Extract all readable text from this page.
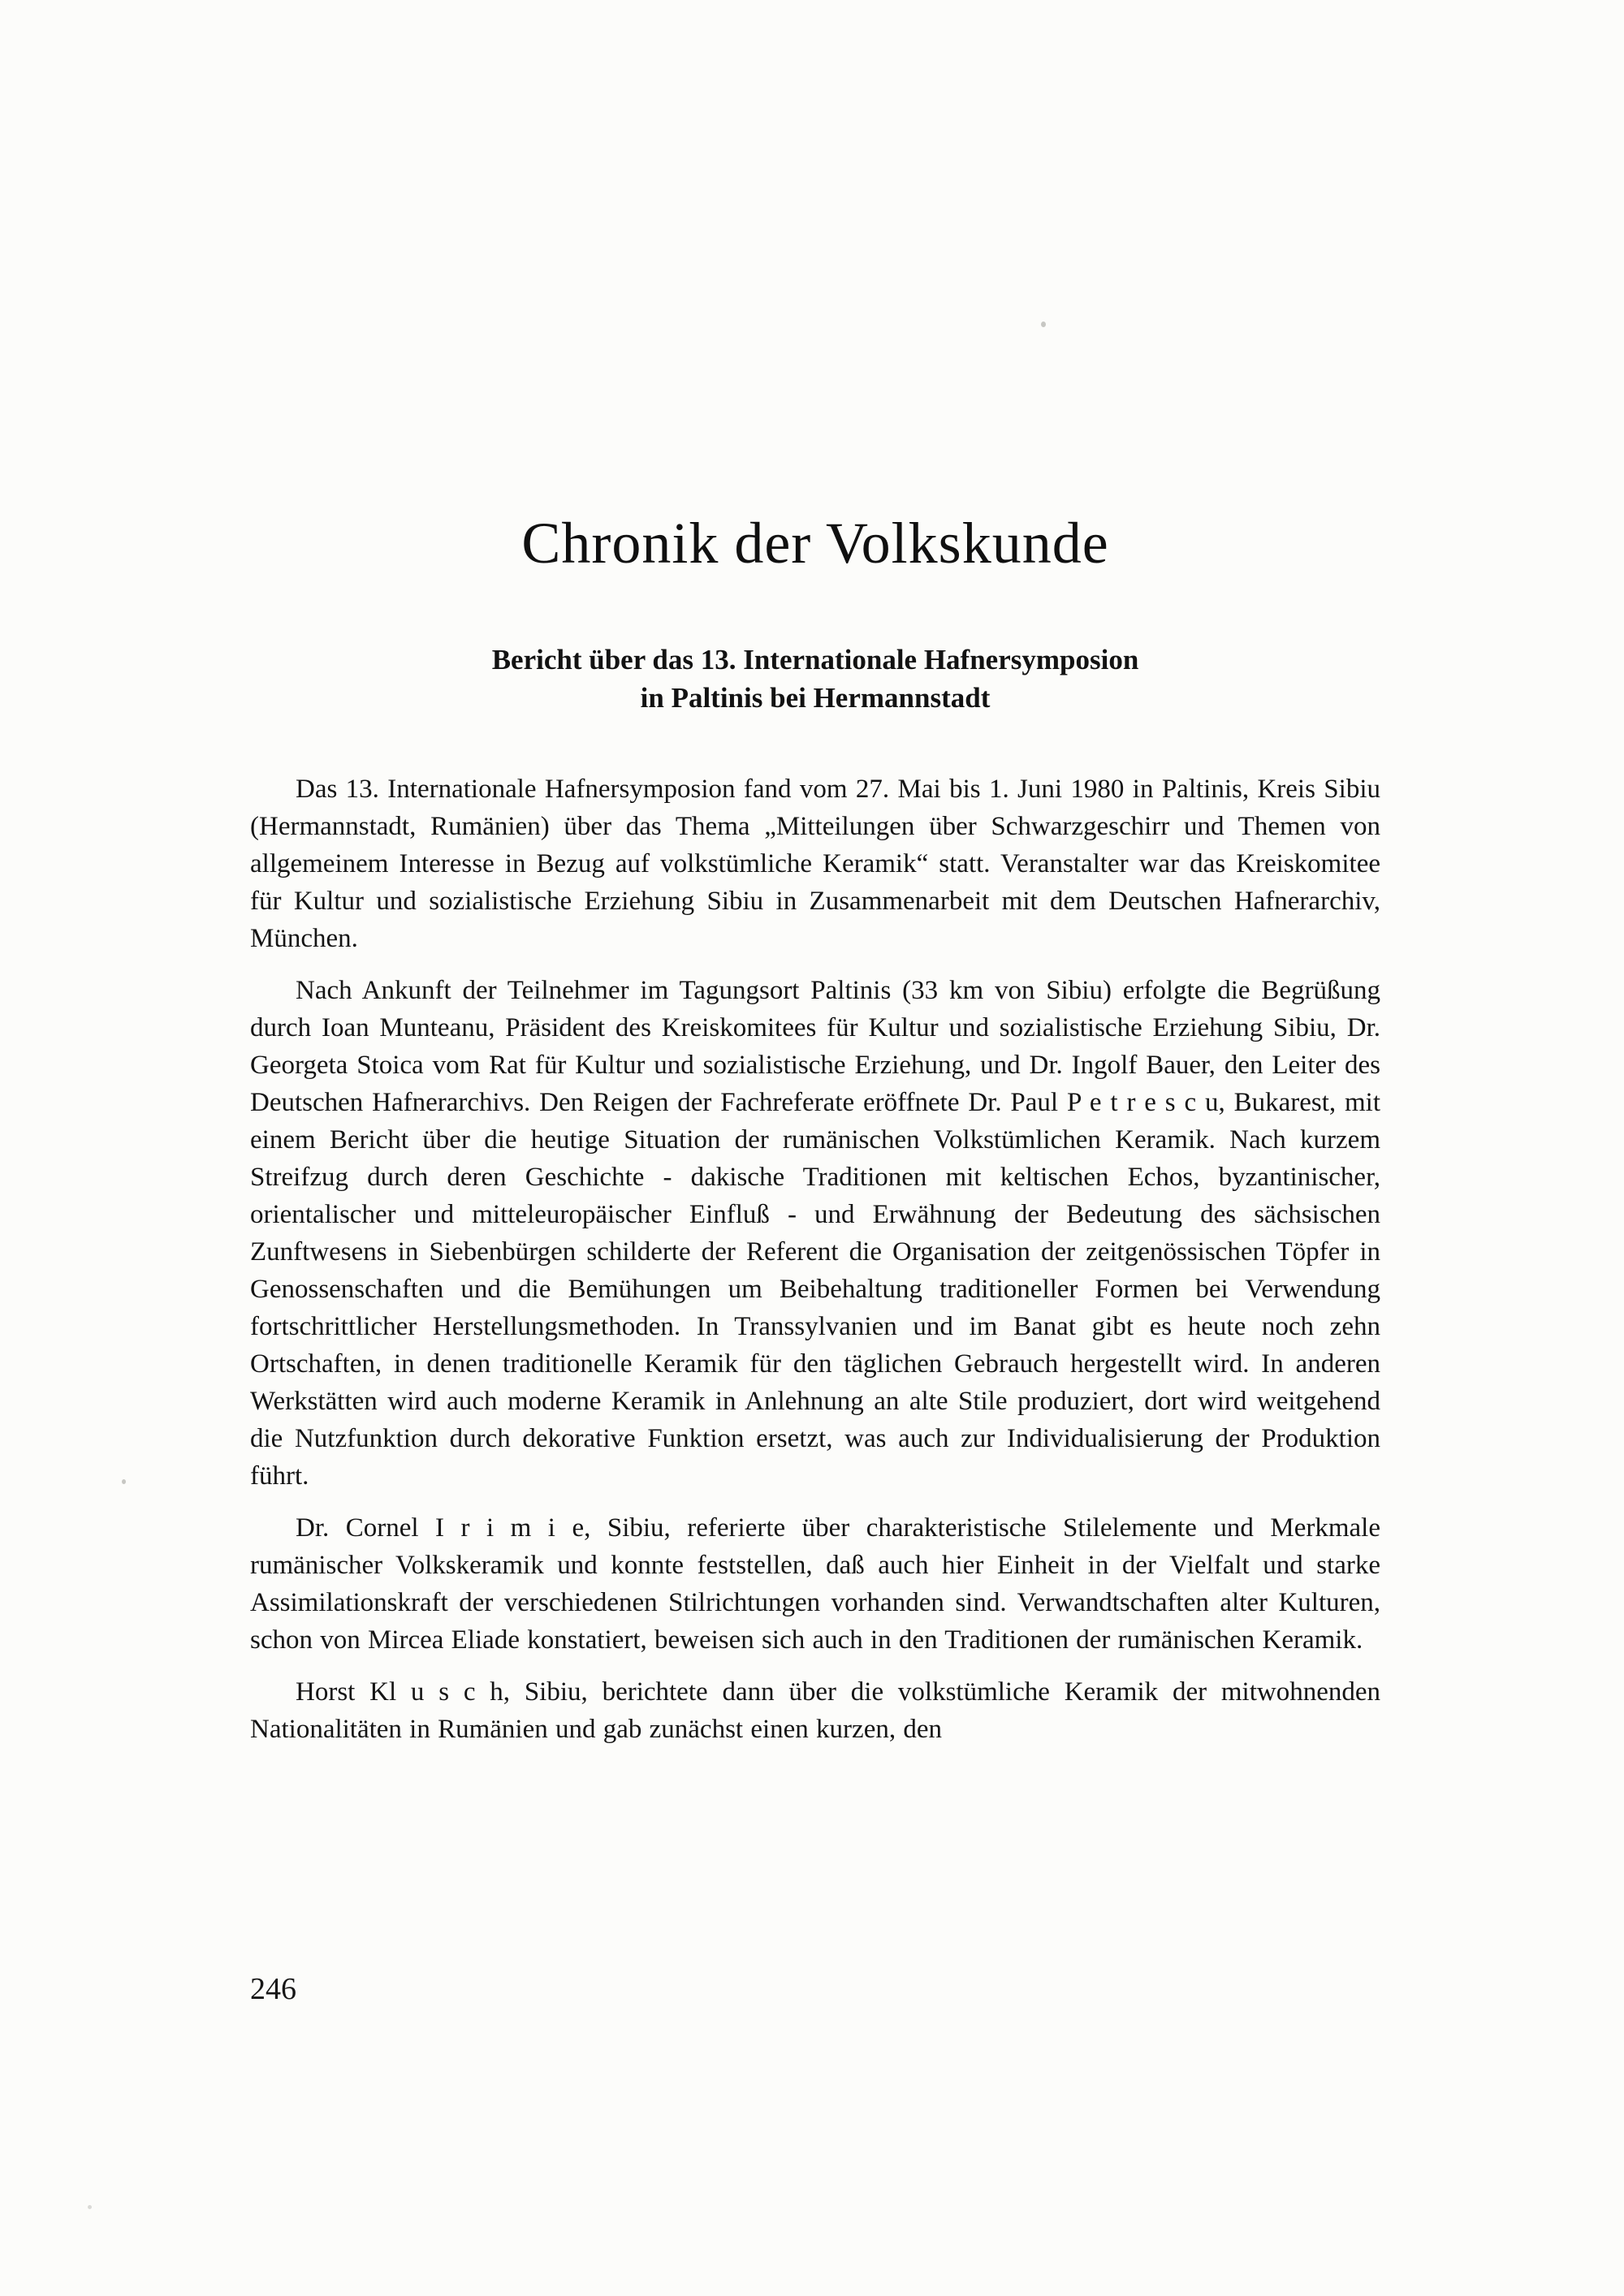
Chronik der Volkskunde
Bericht über das 13. Internationale Hafnersymposion
in Paltinis bei Hermannstadt

Das 13. Internationale Hafnersymposion fand vom 27. Mai bis 1. Juni 1980 in Paltinis, Kreis Sibiu (Hermannstadt, Rumänien) über das Thema „Mitteilungen über Schwarzgeschirr und Themen von allgemeinem Interesse in Bezug auf volkstümliche Keramik“ statt. Veranstalter war das Kreiskomitee für Kultur und sozialistische Erziehung Sibiu in Zusammenarbeit mit dem Deutschen Hafnerarchiv, München.

Nach Ankunft der Teilnehmer im Tagungsort Paltinis (33 km von Sibiu) erfolgte die Begrüßung durch Ioan Munteanu, Präsident des Kreiskomitees für Kultur und sozialistische Erziehung Sibiu, Dr. Georgeta Stoica vom Rat für Kultur und sozialistische Erziehung, und Dr. Ingolf Bauer, den Leiter des Deutschen Hafnerarchivs. Den Reigen der Fachreferate eröffnete Dr. Paul P e t r e s c u, Bukarest, mit einem Bericht über die heutige Situation der rumänischen Volkstümlichen Keramik. Nach kurzem Streifzug durch deren Geschichte - dakische Traditionen mit keltischen Echos, byzantinischer, orientalischer und mitteleuropäischer Einfluß - und Erwähnung der Bedeutung des sächsischen Zunftwesens in Siebenbürgen schilderte der Referent die Organisation der zeitgenössischen Töpfer in Genossenschaften und die Bemühungen um Beibehaltung traditioneller Formen bei Verwendung fortschrittlicher Herstellungsmethoden. In Transsylvanien und im Banat gibt es heute noch zehn Ortschaften, in denen traditionelle Keramik für den täglichen Gebrauch hergestellt wird. In anderen Werkstätten wird auch moderne Keramik in Anlehnung an alte Stile produziert, dort wird weitgehend die Nutzfunktion durch dekorative Funktion ersetzt, was auch zur Individualisierung der Produktion führt.

Dr. Cornel I r i m i e, Sibiu, referierte über charakteristische Stilelemente und Merkmale rumänischer Volkskeramik und konnte feststellen, daß auch hier Einheit in der Vielfalt und starke Assimilationskraft der verschiedenen Stilrichtungen vorhanden sind. Verwandtschaften alter Kulturen, schon von Mircea Eliade konstatiert, beweisen sich auch in den Traditionen der rumänischen Keramik.

Horst Kl u s c h, Sibiu, berichtete dann über die volkstümliche Keramik der mitwohnenden Nationalitäten in Rumänien und gab zunächst einen kurzen, den

246
